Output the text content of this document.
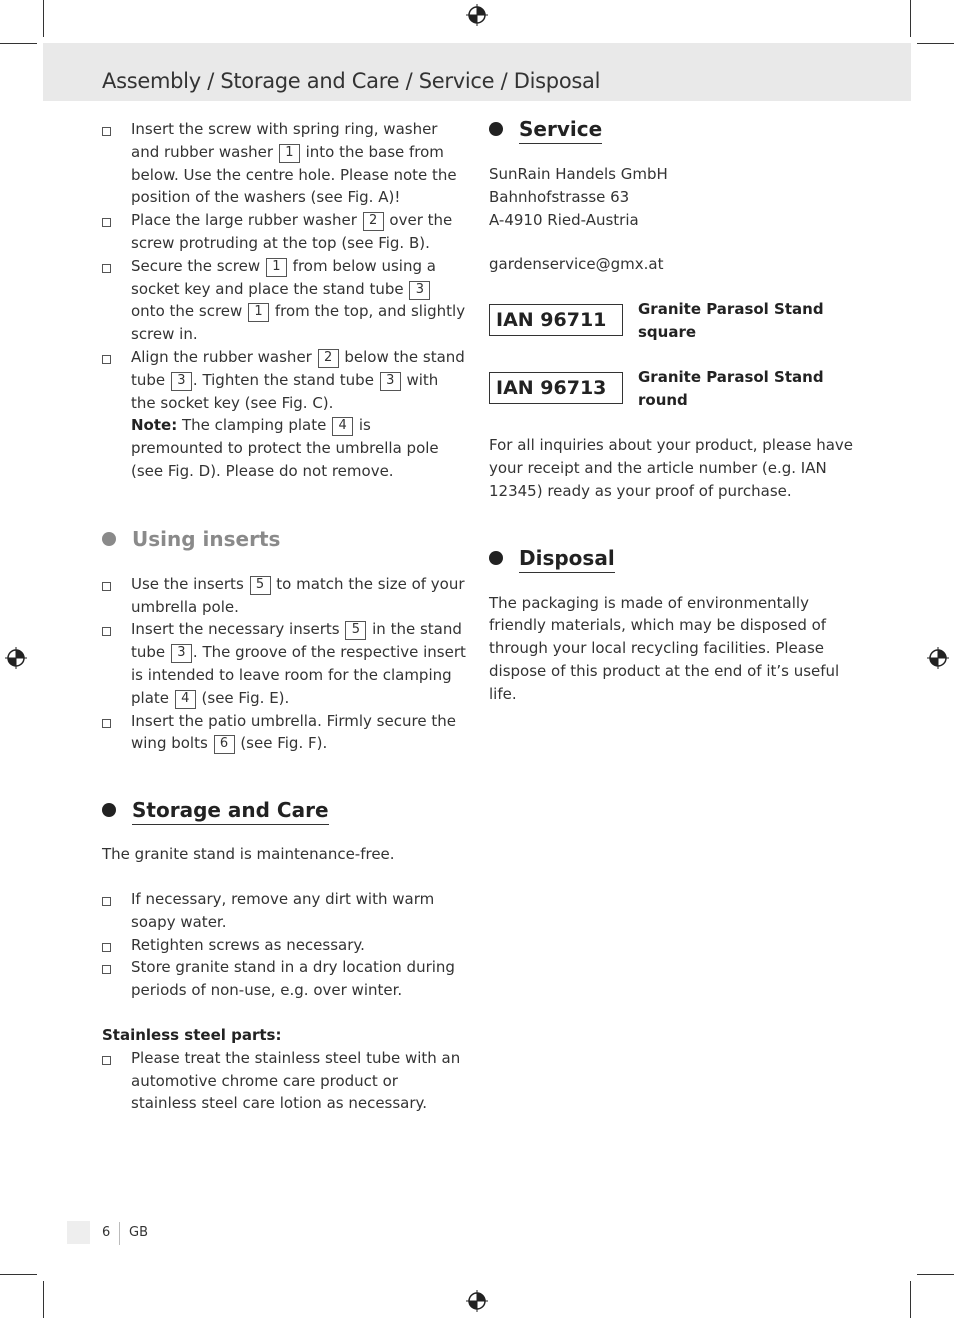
Assembly / Storage and Care / Service / Disposal

Insert the screw with spring ring, washer and rubber washer 1 into the base from below. Use the centre hole. Please note the position of the washers (see Fig. A)!

Place the large rubber washer 2 over the screw protruding at the top (see Fig. B).

Secure the screw 1 from below using a socket key and place the stand tube 3 onto the screw 1 from the top, and slightly screw in.

Align the rubber washer 2 below the stand tube 3 . Tighten the stand tube 3 with the socket key (see Fig. C).
Note: The clamping plate 4 is premounted to protect the umbrella pole (see Fig. D). Please do not remove.

Using inserts

Use the inserts 5 to match the size of your umbrella pole.

Insert the necessary inserts 5 in the stand tube 3 . The groove of the respective insert is intended to leave room for the clamping plate 4 (see Fig. E).

Insert the patio umbrella. Firmly secure the wing bolts 6 (see Fig. F).

Storage and Care

The granite stand is maintenance-free.

If necessary, remove any dirt with warm soapy water.

Retighten screws as necessary.

Store granite stand in a dry location during periods of non-use, e.g. over winter.

Stainless steel parts:

Please treat the stainless steel tube with an automotive chrome care product or stainless steel care lotion as necessary.

Service

SunRain Handels GmbH

Bahnhofstrasse 63

A-4910 Ried-Austria

gardenservice@gmx.at

IAN 96711	Granite Parasol Stand
square
IAN 96713	Granite Parasol Stand
round

For all inquiries about your product, please have your receipt and the article number (e.g. IAN 12345) ready as your proof of purchase.

Disposal

The packaging is made of environmentally friendly materials, which may be disposed of through your local recycling facilities. Please dispose of this product at the end of it’s useful life.

6 GB
